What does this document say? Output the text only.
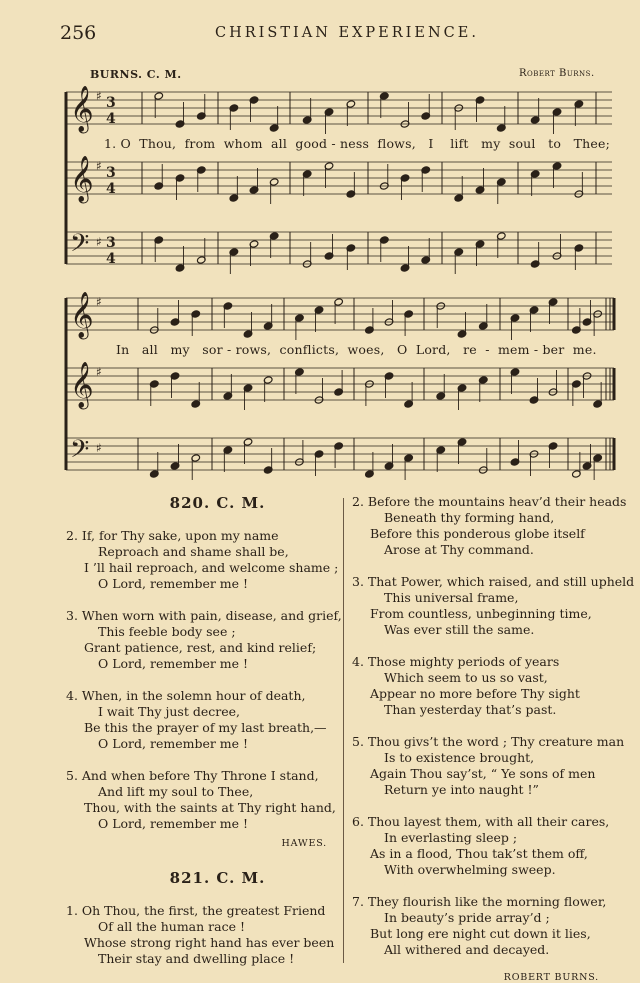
256	CHRISTIAN EXPERIENCE.
BURNS. C. M.	Robert Burns.
𝄞 ♯ 3
4
𝄞 ♯ 3
4
𝄢 ♯ 3
4
𝄞 ♯
𝄞 ♯
𝄢 ♯
1. O  Thou,  from  whom  all  good - ness  flows,   I    lift   my  soul   to   Thee;
In   all   my   sor - rows,  conflicts,  woes,   O  Lord,   re  -  mem - ber  me.
820. C. M.
2. If, for Thy sake, upon my name
Reproach and shame shall be,
I ’ll hail reproach, and welcome shame ;
O Lord, remember me !
3. When worn with pain, disease, and grief,
This feeble body see ;
Grant patience, rest, and kind relief;
O Lord, remember me !
4. When, in the solemn hour of death,
I wait Thy just decree,
Be this the prayer of my last breath,—
O Lord, remember me !
5. And when before Thy Throne I stand,
And lift my soul to Thee,
Thou, with the saints at Thy right hand,
O Lord, remember me !
HAWES.
821. C. M.
1. Oh Thou, the first, the greatest Friend
Of all the human race !
Whose strong right hand has ever been
Their stay and dwelling place !
2. Before the mountains heav’d their heads
Beneath thy forming hand,
Before this ponderous globe itself
Arose at Thy command.
3. That Power, which raised, and still upheld
This universal frame,
From countless, unbeginning time,
Was ever still the same.
4. Those mighty periods of years
Which seem to us so vast,
Appear no more before Thy sight
Than yesterday that’s past.
5. Thou givs’t the word ; Thy creature man
Is to existence brought,
Again Thou say’st, “ Ye sons of men
Return ye into naught !”
6. Thou layest them, with all their cares,
In everlasting sleep ;
As in a flood, Thou tak’st them off,
With overwhelming sweep.
7. They flourish like the morning flower,
In beauty’s pride array’d ;
But long ere night cut down it lies,
All withered and decayed.
ROBERT BURNS.
